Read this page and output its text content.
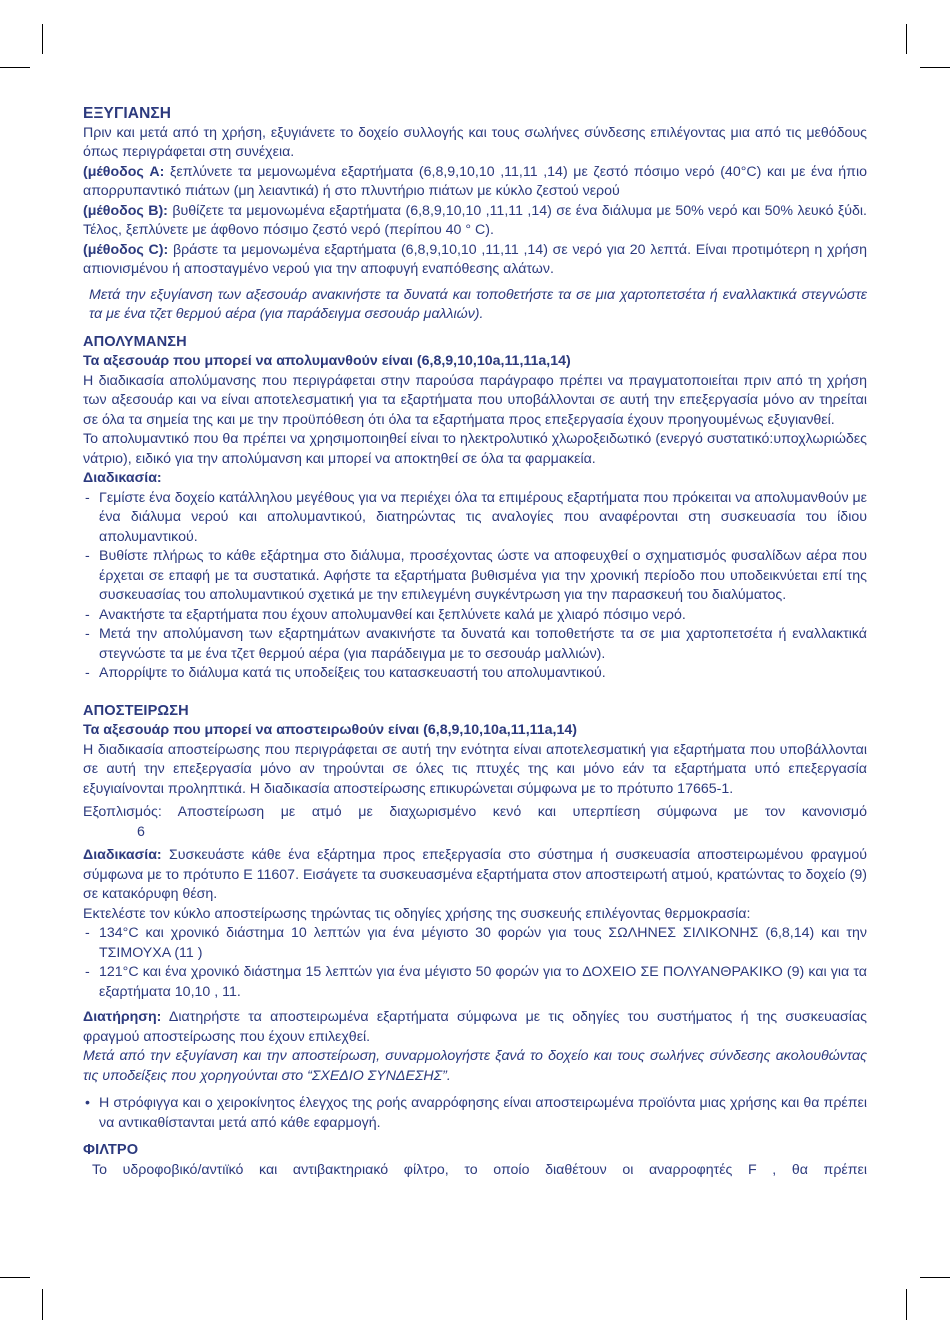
ΕΞΥΓΙΑΝΣΗ

Πριν και μετά από τη χρήση, εξυγιάνετε το δοχείο συλλογής και τους σωλήνες σύνδεσης επιλέγοντας μια από τις μεθόδους όπως περιγράφεται στη συνέχεια.

(μέθοδος A: ξεπλύνετε τα μεμονωμένα εξαρτήματα (6,8,9,10,10 ,11,11 ,14) με ζεστό πόσιμο νερό (40°C) και με ένα ήπιο απορρυπαντικό πιάτων (μη λειαντικά) ή στο πλυντήριο πιάτων με κύκλο ζεστού νερού

(μέθοδος B): βυθίζετε τα μεμονωμένα εξαρτήματα (6,8,9,10,10 ,11,11 ,14) σε ένα διάλυμα με 50% νερό και 50% λευκό ξύδι. Τέλος, ξεπλύνετε με άφθονο πόσιμο ζεστό νερό (περίπου 40 ° C).

(μέθοδος C): βράστε τα μεμονωμένα εξαρτήματα (6,8,9,10,10 ,11,11 ,14) σε νερό για 20 λεπτά. Είναι προτιμότερη η χρήση απιονισμένου ή αποσταγμένο νερού για την αποφυγή εναπόθεσης αλάτων.

Μετά την εξυγίανση των αξεσουάρ ανακινήστε τα δυνατά και τοποθετήστε τα σε μια χαρτοπετσέτα ή εναλλακτικά στεγνώστε τα με ένα τζετ θερμού αέρα (για παράδειγμα σεσουάρ μαλλιών).

ΑΠΟΛΥΜΑΝΣΗ
Τα αξεσουάρ που μπορεί να απολυμανθούν είναι (6,8,9,10,10a,11,11a,14)

Η διαδικασία απολύμανσης που περιγράφεται στην παρούσα παράγραφο πρέπει να πραγματοποιείται πριν από τη χρήση των αξεσουάρ και να είναι αποτελεσματική για τα εξαρτήματα που υποβάλλονται σε αυτή την επεξεργασία μόνο αν τηρείται σε όλα τα σημεία της και με την προϋπόθεση ότι όλα τα εξαρτήματα προς επεξεργασία έχουν προηγουμένως εξυγιανθεί.

Το απολυμαντικό που θα πρέπει να χρησιμοποιηθεί είναι το ηλεκτρολυτικό χλωροξειδωτικό (ενεργό συστατικό:υποχλωριώδες νάτριο), ειδικό για την απολύμανση και μπορεί να αποκτηθεί σε όλα τα φαρμακεία.

Διαδικασία:
- Γεμίστε ένα δοχείο κατάλληλου μεγέθους για να περιέχει όλα τα επιμέρους εξαρτήματα που πρόκειται να απολυμανθούν με ένα διάλυμα νερού και απολυμαντικού, διατηρώντας τις αναλογίες που αναφέρονται στη συσκευασία του ίδιου απολυμαντικού.
- Βυθίστε πλήρως το κάθε εξάρτημα στο διάλυμα, προσέχοντας ώστε να αποφευχθεί ο σχηματισμός φυσαλίδων αέρα που έρχεται σε επαφή με τα συστατικά. Αφήστε τα εξαρτήματα βυθισμένα για την χρονική περίοδο που υποδεικνύεται επί της συσκευασίας του απολυμαντικού σχετικά με την επιλεγμένη συγκέντρωση για την παρασκευή του διαλύματος.
- Ανακτήστε τα εξαρτήματα που έχουν απολυμανθεί και ξεπλύνετε καλά με χλιαρό πόσιμο νερό.
- Μετά την απολύμανση των εξαρτημάτων ανακινήστε τα δυνατά και τοποθετήστε τα σε μια χαρτοπετσέτα ή εναλλακτικά στεγνώστε τα με ένα τζετ θερμού αέρα (για παράδειγμα με το σεσουάρ μαλλιών).
- Απορρίψτε το διάλυμα κατά τις υποδείξεις του κατασκευαστή του απολυμαντικού.
ΑΠΟΣΤΕΙΡΩΣΗ
Τα αξεσουάρ που μπορεί να αποστειρωθούν είναι (6,8,9,10,10a,11,11a,14)

Η διαδικασία αποστείρωσης που περιγράφεται σε αυτή την ενότητα είναι αποτελεσματική για εξαρτήματα που υποβάλλονται σε αυτή την επεξεργασία μόνο αν τηρούνται σε όλες τις πτυχές της και μόνο εάν τα εξαρτήματα υπό επεξεργασία εξυγιαίνονται προληπτικά. Η διαδικασία αποστείρωσης επικυρώνεται σύμφωνα με το πρότυπο 17665-1.

Εξοπλισμός: Αποστείρωση με ατμό με διαχωρισμένο κενό και υπερπίεση σύμφωνα με τον κανονισμό

6

Διαδικασία: Συσκευάστε κάθε ένα εξάρτημα προς επεξεργασία στο σύστημα ή συσκευασία αποστειρωμένου φραγμού σύμφωνα με το πρότυπο Ε 11607. Εισάγετε τα συσκευασμένα εξαρτήματα στον αποστειρωτή ατμού, κρατώντας το δοχείο (9) σε κατακόρυφη θέση.

Εκτελέστε τον κύκλο αποστείρωσης τηρώντας τις οδηγίες χρήσης της συσκευής επιλέγοντας θερμοκρασία:

- 134°C και χρονικό διάστημα 10 λεπτών για ένα μέγιστο 30 φορών για τους ΣΩΛΗΝΕΣ ΣΙΛΙΚΟΝΗΣ (6,8,14) και την ΤΣΙΜΟΥΧΑ (11 )
- 121°C και ένα χρονικό διάστημα 15 λεπτών για ένα μέγιστο 50 φορών για το ΔΟΧΕΙΟ ΣΕ ΠΟΛΥΑΝΘΡΑΚΙΚΟ (9) και για τα εξαρτήματα 10,10 , 11.

Διατήρηση: Διατηρήστε τα αποστειρωμένα εξαρτήματα σύμφωνα με τις οδηγίες του συστήματος ή της συσκευασίας φραγμού αποστείρωσης που έχουν επιλεχθεί.

Μετά από την εξυγίανση και την αποστείρωση, συναρμολογήστε ξανά το δοχείο και τους σωλήνες σύνδεσης ακολουθώντας τις υποδείξεις που χορηγούνται στο “ΣΧΕΔΙΟ ΣΥΝΔΕΣΗΣ”.

• Η στρόφιγγα και ο χειροκίνητος έλεγχος της ροής αναρρόφησης είναι αποστειρωμένα προϊόντα μιας χρήσης και θα πρέπει να αντικαθίστανται μετά από κάθε εφαρμογή.
ΦΙΛΤΡΟ

Το υδροφοβικό/αντιϊκό και αντιβακτηριακό φίλτρο, το οποίο διαθέτουν οι αναρροφητές F , θα πρέπει
